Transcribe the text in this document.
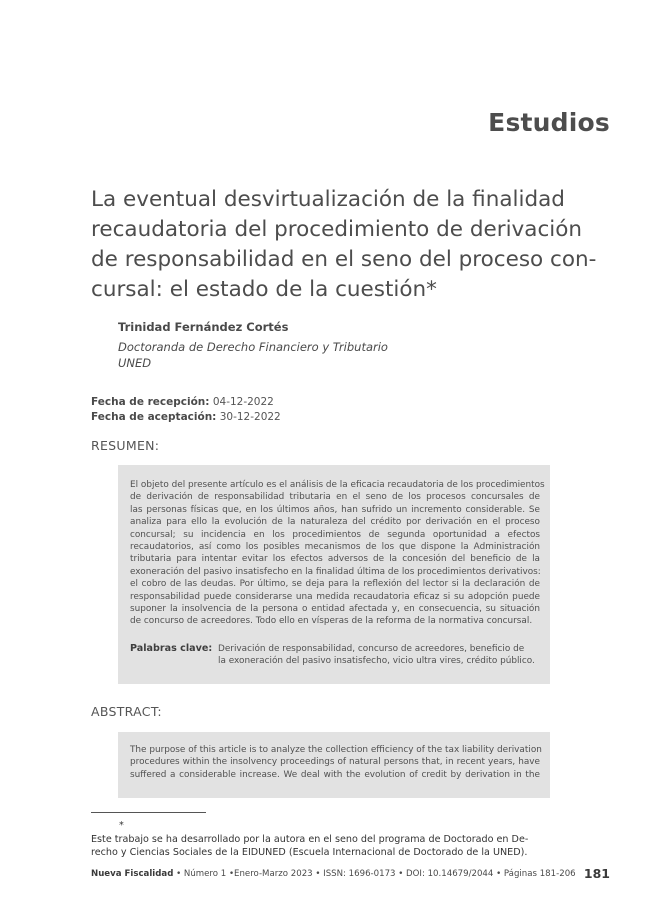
Estudios
La eventual desvirtualización de la finalidad
recaudatoria del procedimiento de derivación
de responsabilidad en el seno del proceso con-
cursal: el estado de la cuestión*
Trinidad Fernández Cortés
Doctoranda de Derecho Financiero y Tributario
UNED
Fecha de recepción: 04-12-2022
Fecha de aceptación: 30-12-2022
RESUMEN:
El objeto del presente artículo es el análisis de la eficacia recaudatoria de los procedimientos
de derivación de responsabilidad tributaria en el seno de los procesos concursales de
las personas físicas que, en los últimos años, han sufrido un incremento considerable. Se
analiza para ello la evolución de la naturaleza del crédito por derivación en el proceso
concursal; su incidencia en los procedimientos de segunda oportunidad a efectos
recaudatorios, así como los posibles mecanismos de los que dispone la Administración
tributaria para intentar evitar los efectos adversos de la concesión del beneficio de la
exoneración del pasivo insatisfecho en la finalidad última de los procedimientos derivativos:
el cobro de las deudas. Por último, se deja para la reflexión del lector si la declaración de
responsabilidad puede considerarse una medida recaudatoria eficaz si su adopción puede
suponer la insolvencia de la persona o entidad afectada y, en consecuencia, su situación
de concurso de acreedores. Todo ello en vísperas de la reforma de la normativa concursal.
Palabras clave: Derivación de responsabilidad, concurso de acreedores, beneficio de
la exoneración del pasivo insatisfecho, vicio ultra vires, crédito público.
ABSTRACT:
The purpose of this article is to analyze the collection efficiency of the tax liability derivation
procedures within the insolvency proceedings of natural persons that, in recent years, have
suffered a considerable increase. We deal with the evolution of credit by derivation in the
*
Este trabajo se ha desarrollado por la autora en el seno del programa de Doctorado en De-
recho y Ciencias Sociales de la EIDUNED (Escuela Internacional de Doctorado de la UNED).
Nueva Fiscalidad • Número 1 •Enero-Marzo 2023 • ISSN: 1696-0173 • DOI: 10.14679/2044 • Páginas 181-206 181
